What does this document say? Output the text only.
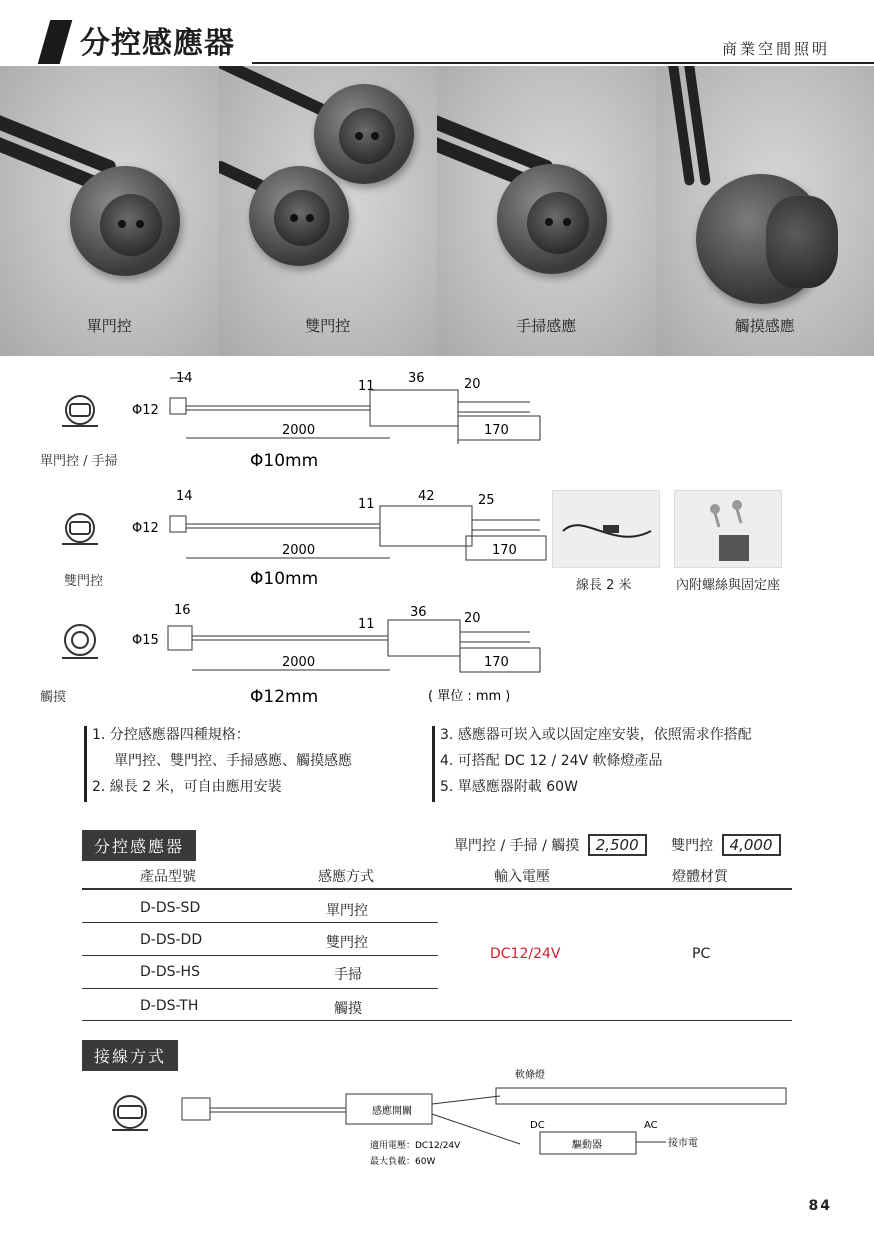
分控感應器	商業空間照明
單門控	雙門控	手掃感應	觸摸感應
14
Φ12
11
36	20
2000	170
Φ10mm
單門控 / 手掃
14
Φ12
11
42	25
2000	170
Φ10mm
雙門控
16
Φ15
11
36	20
2000	170
Φ12mm	( 單位 : mm )
觸摸
線長 2 米	內附螺絲與固定座
1. 分控感應器四種規格：
單門控、雙門控、手掃感應、觸摸感應
2. 線長 2 米，可自由應用安裝
3. 感應器可崁入或以固定座安裝，依照需求作搭配
4. 可搭配 DC 12 / 24V 軟條燈產品
5. 單感應器附載 60W
分控感應器	單門控 / 手掃 / 觸摸 2,500 雙門控 4,000
產品型號	感應方式	輸入電壓	燈體材質
D-DS-SD	單門控
D-DS-DD	雙門控
D-DS-HS	手掃
D-DS-TH	觸摸
DC12/24V	PC
接線方式
軟條燈
感應開關
適用電壓：DC12/24V
最大負載：60W
DC	AC
驅動器	接市電
84
